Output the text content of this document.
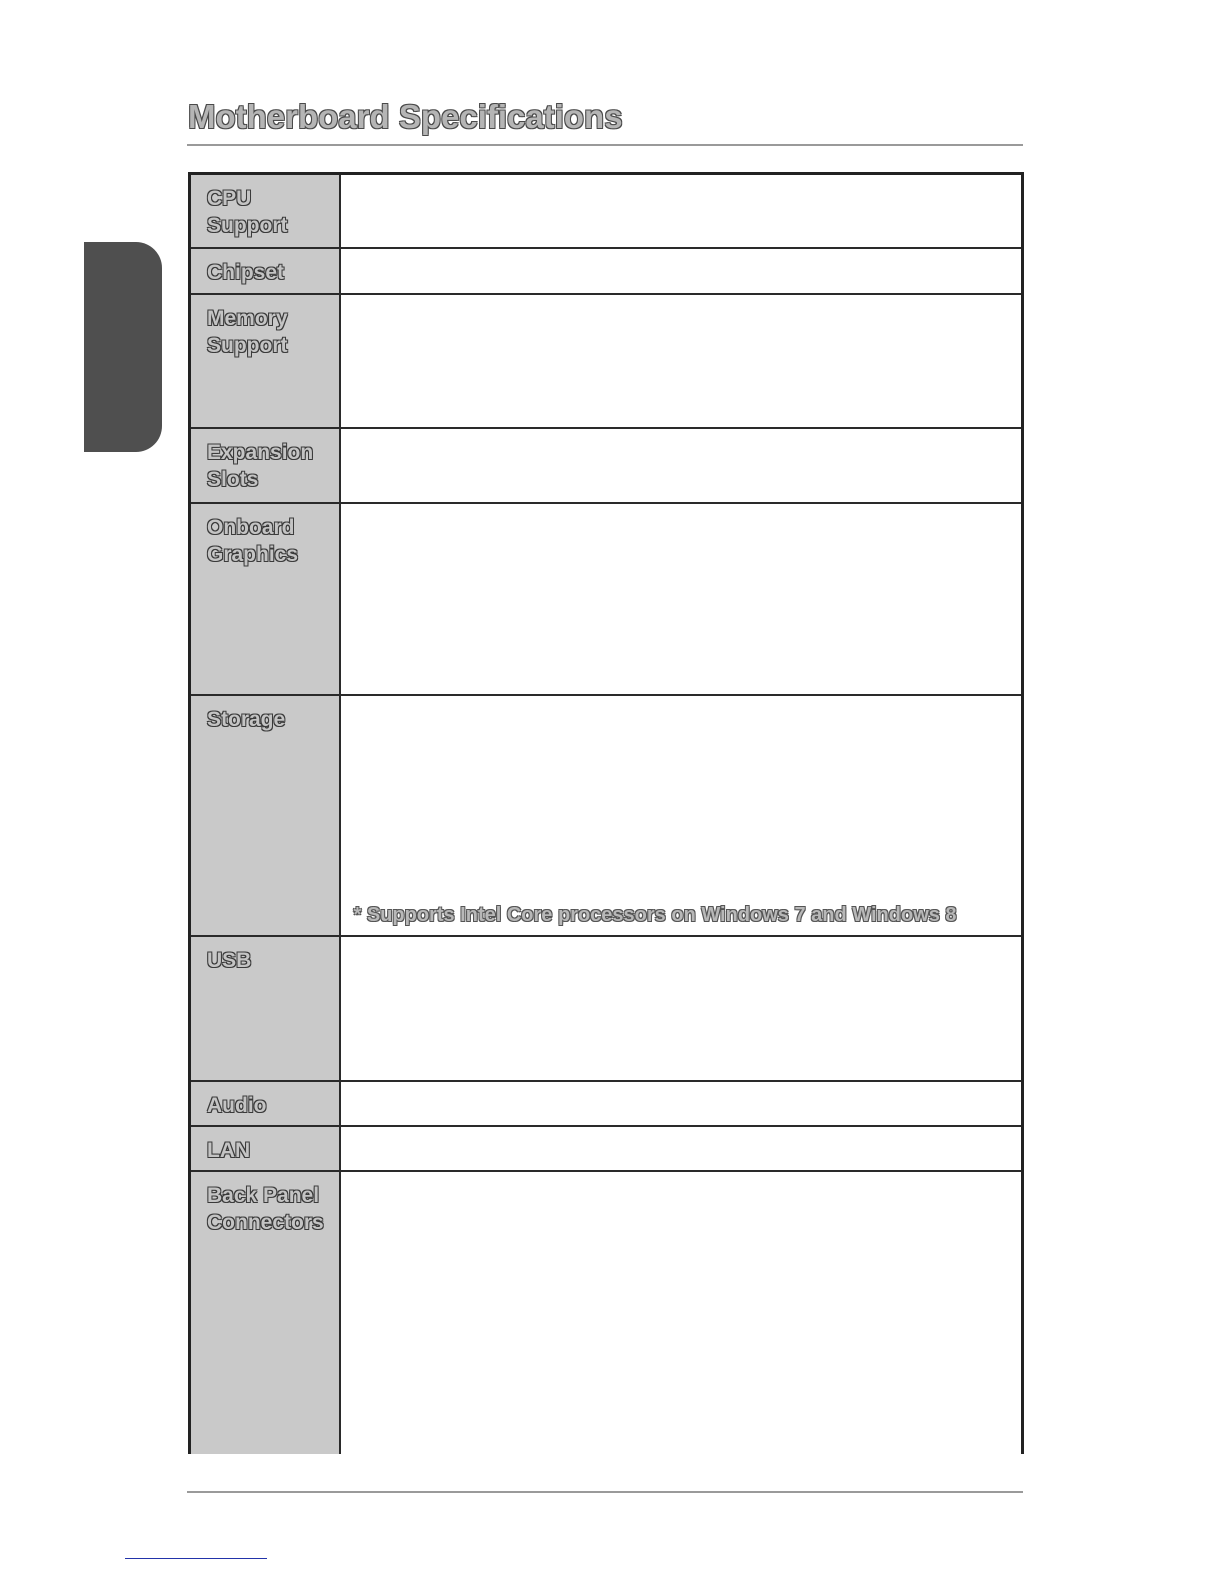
Motherboard Specifications
CPU
Support	

Chipset	

Memory
Support	

Expansion
Slots	

Onboard
Graphics	

Storage	* Supports Intel Core processors on Windows 7 and Windows 8

USB	

Audio	

LAN	

Back Panel
Connectors	
